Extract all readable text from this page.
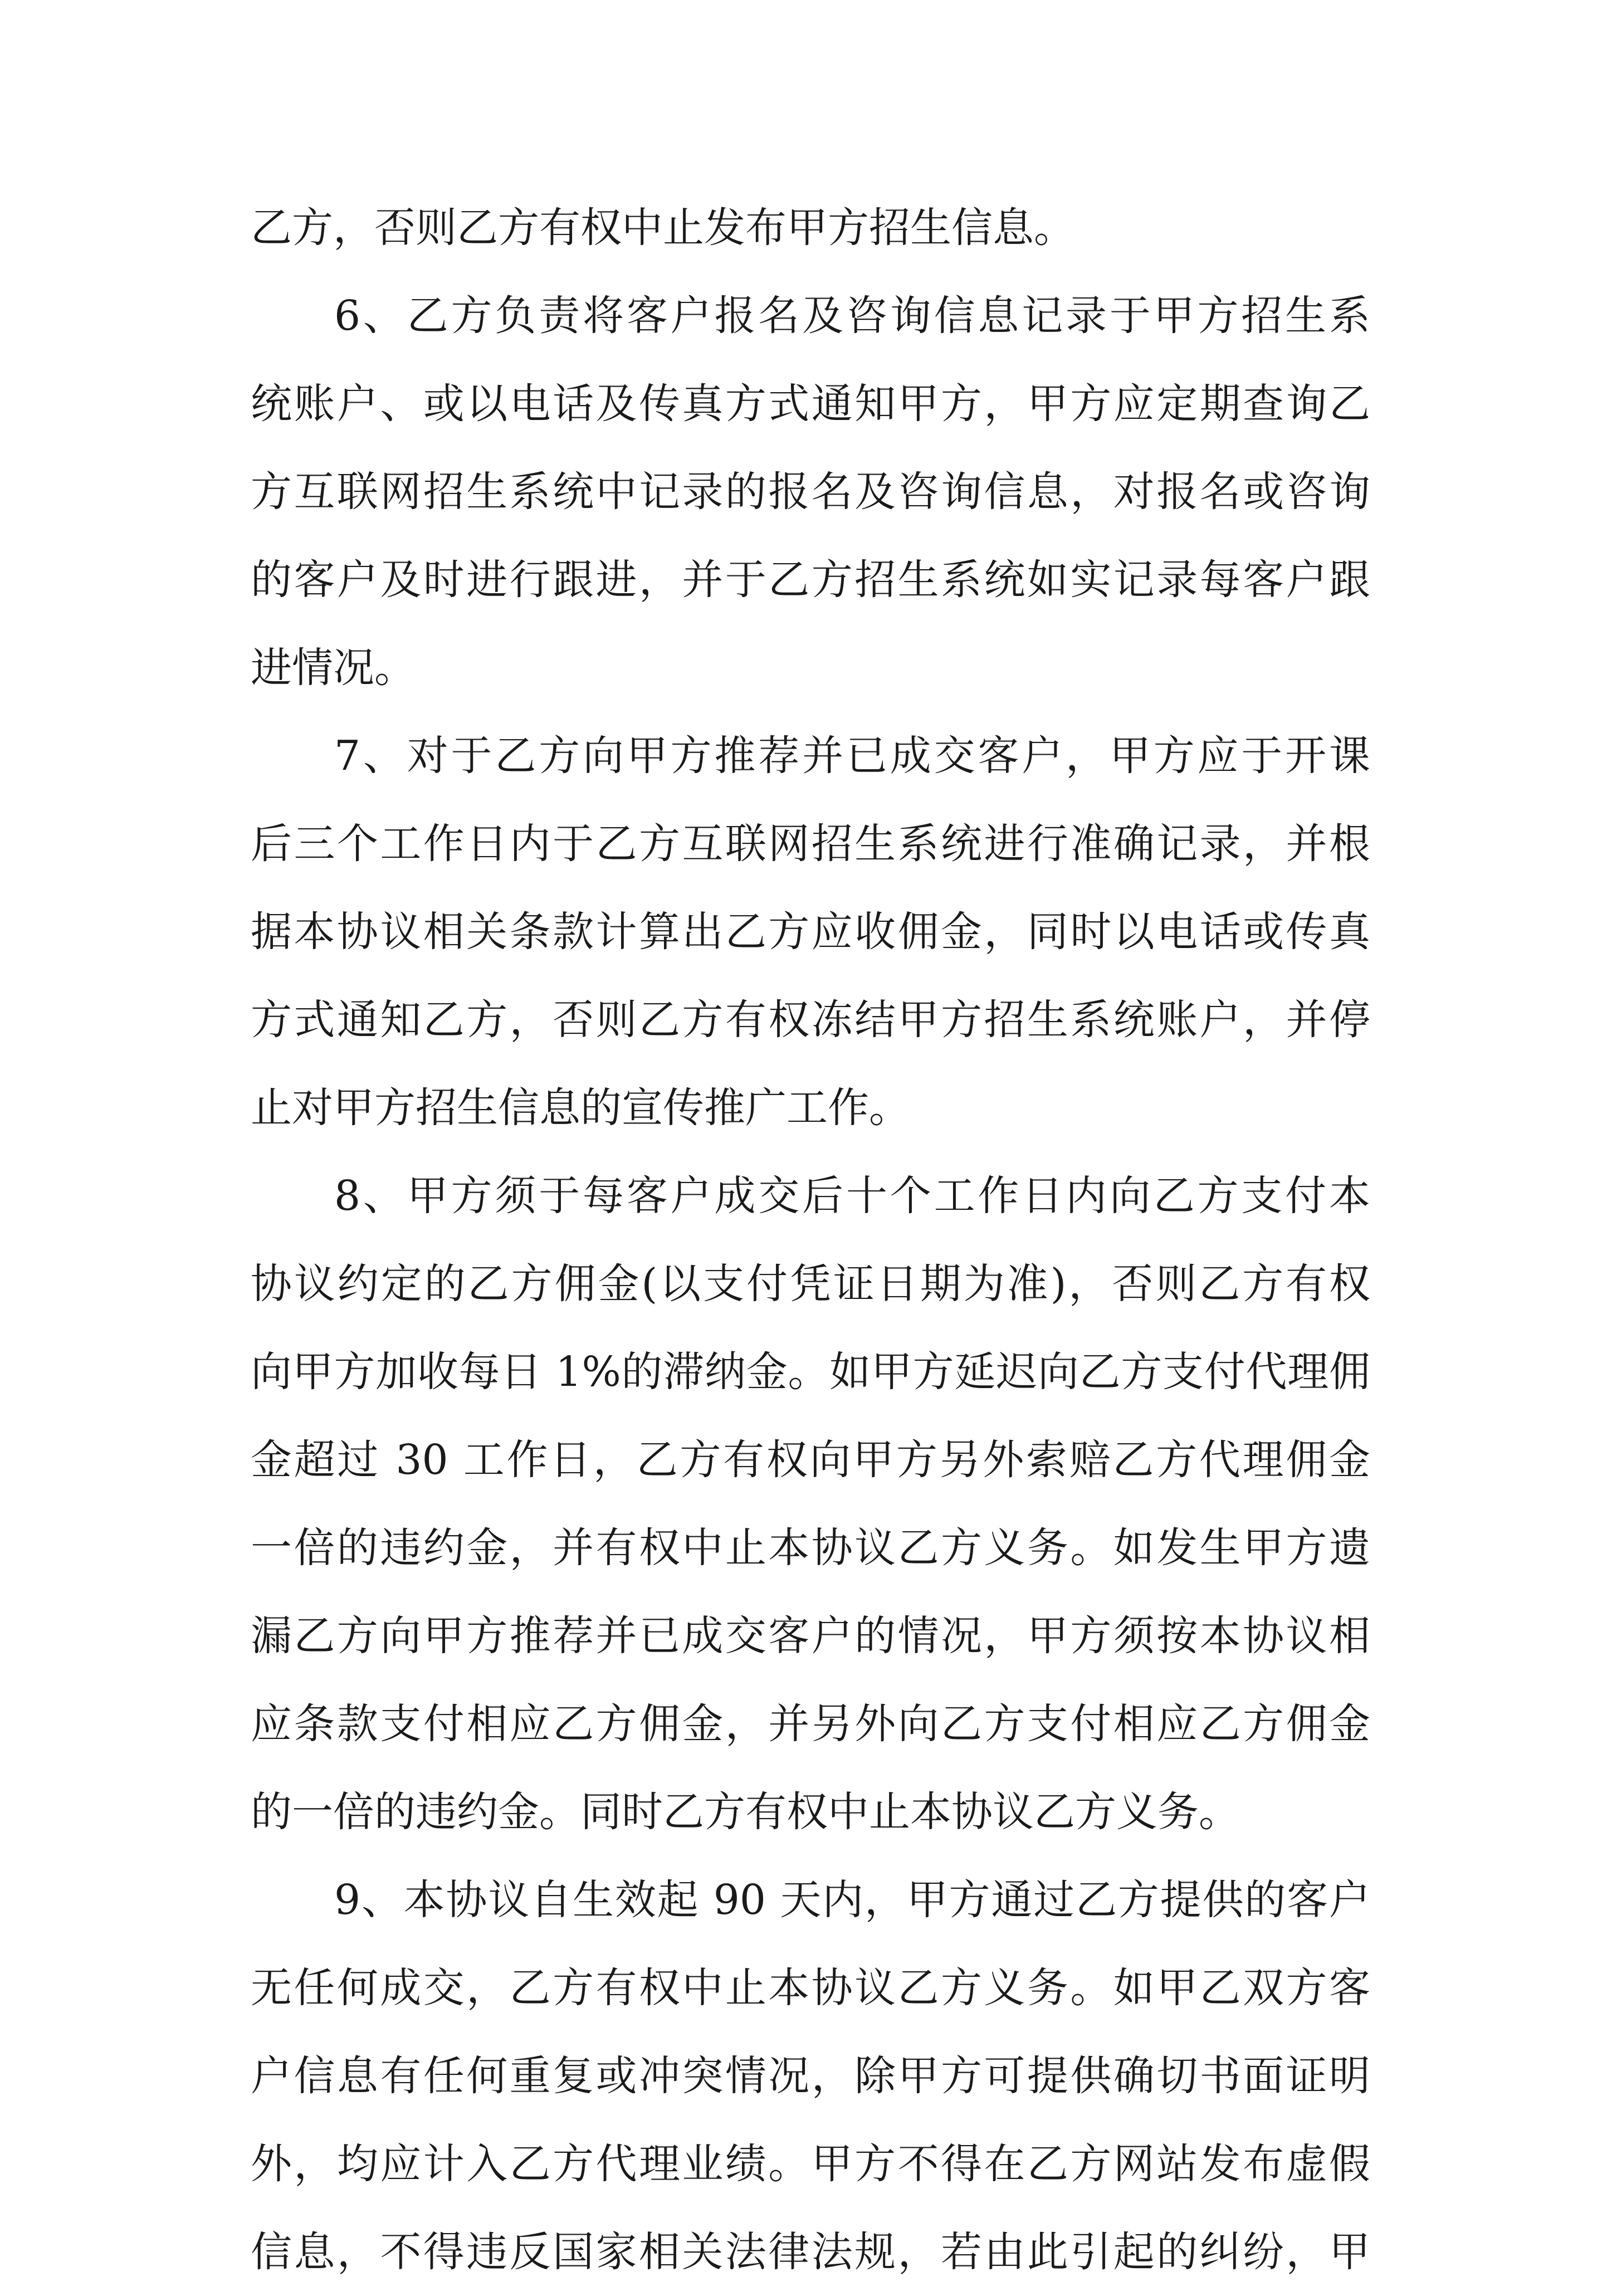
乙方，否则乙方有权中止发布甲方招生信息。
6、乙方负责将客户报名及咨询信息记录于甲方招生系
统账户、或以电话及传真方式通知甲方，甲方应定期查询乙
方互联网招生系统中记录的报名及咨询信息，对报名或咨询
的客户及时进行跟进，并于乙方招生系统如实记录每客户跟
进情况。
7、对于乙方向甲方推荐并已成交客户，甲方应于开课
后三个工作日内于乙方互联网招生系统进行准确记录，并根
据本协议相关条款计算出乙方应收佣金，同时以电话或传真
方式通知乙方，否则乙方有权冻结甲方招生系统账户，并停
止对甲方招生信息的宣传推广工作。
8、甲方须于每客户成交后十个工作日内向乙方支付本
协议约定的乙方佣金(以支付凭证日期为准)，否则乙方有权
向甲方加收每日 1%的滞纳金。如甲方延迟向乙方支付代理佣
金超过 30 工作日，乙方有权向甲方另外索赔乙方代理佣金
一倍的违约金，并有权中止本协议乙方义务。如发生甲方遗
漏乙方向甲方推荐并已成交客户的情况，甲方须按本协议相
应条款支付相应乙方佣金，并另外向乙方支付相应乙方佣金
的一倍的违约金。同时乙方有权中止本协议乙方义务。
9、本协议自生效起 90 天内，甲方通过乙方提供的客户
无任何成交，乙方有权中止本协议乙方义务。如甲乙双方客
户信息有任何重复或冲突情况，除甲方可提供确切书面证明
外，均应计入乙方代理业绩。甲方不得在乙方网站发布虚假
信息，不得违反国家相关法律法规，若由此引起的纠纷，甲
